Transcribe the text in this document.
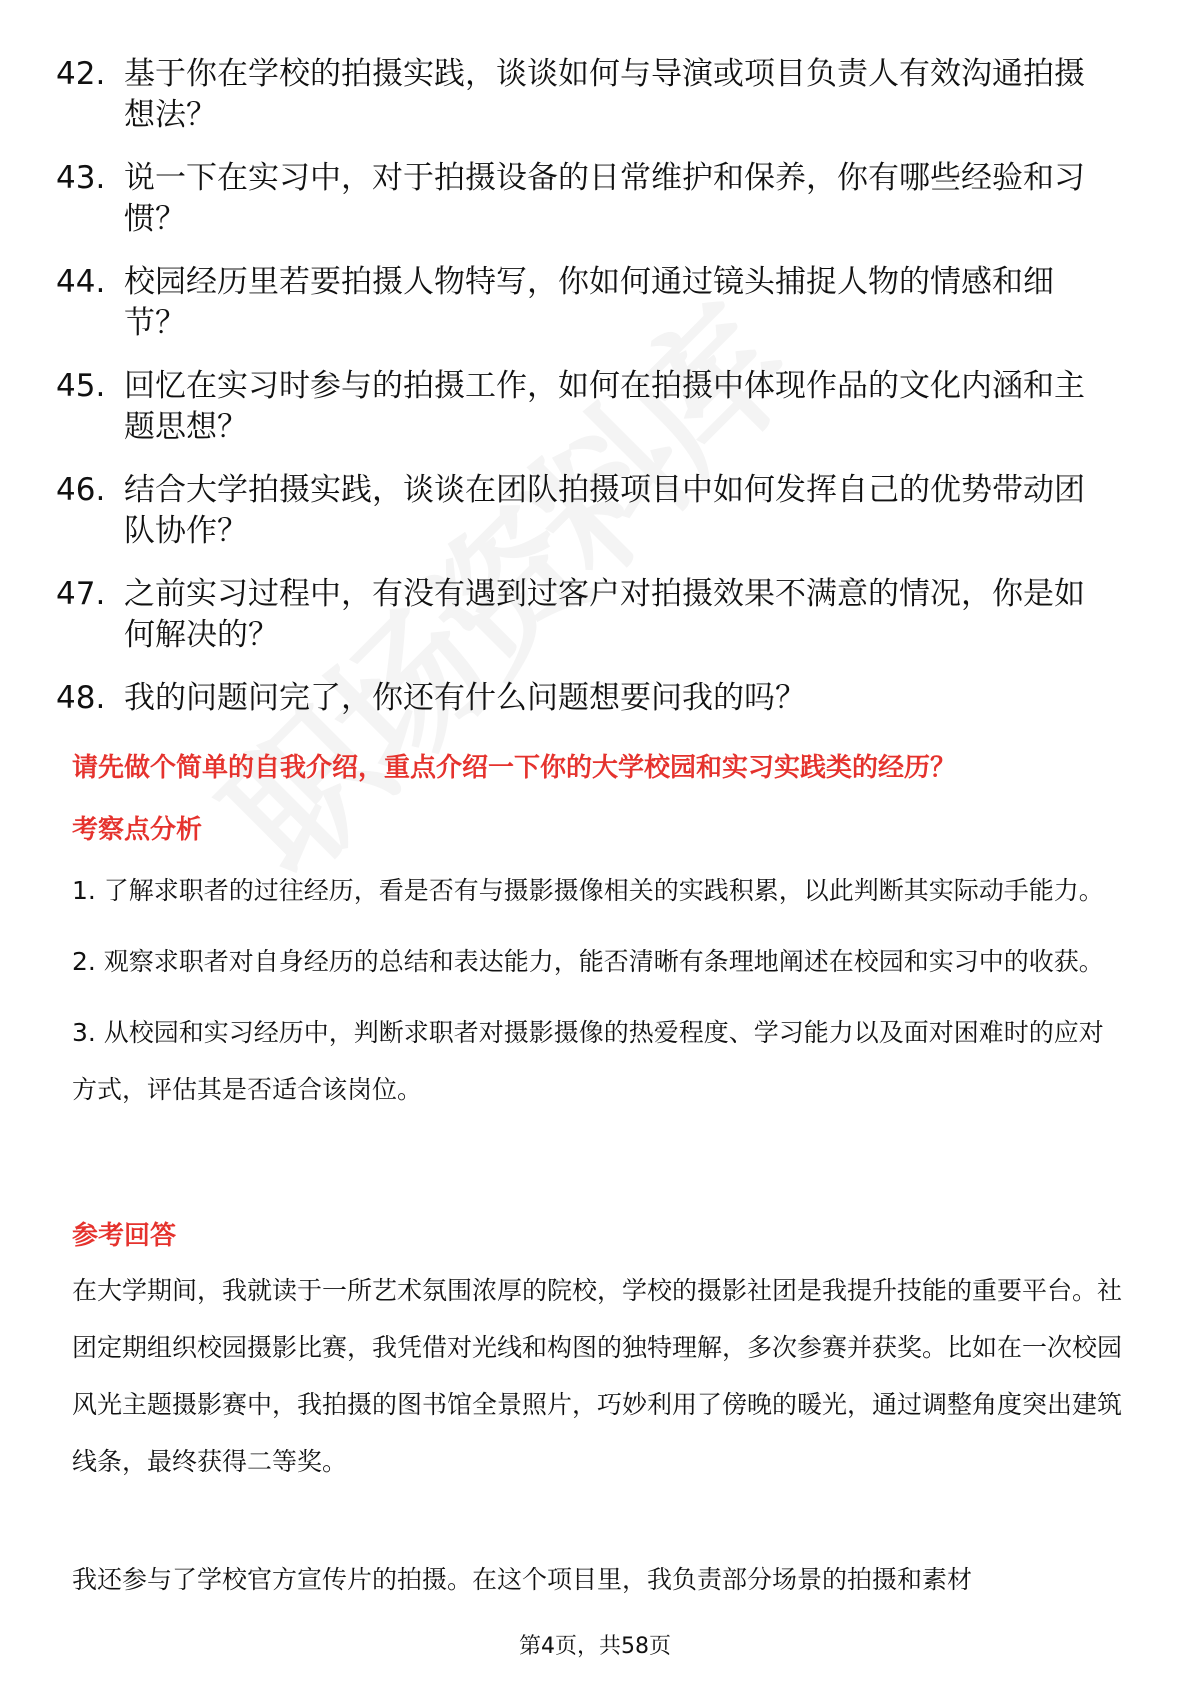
42. 基于你在学校的拍摄实践，谈谈如何与导演或项目负责人有效沟通拍摄想法？
43. 说一下在实习中，对于拍摄设备的日常维护和保养，你有哪些经验和习惯？
44. 校园经历里若要拍摄人物特写，你如何通过镜头捕捉人物的情感和细节？
45. 回忆在实习时参与的拍摄工作，如何在拍摄中体现作品的文化内涵和主题思想？
46. 结合大学拍摄实践，谈谈在团队拍摄项目中如何发挥自己的优势带动团队协作？
47. 之前实习过程中，有没有遇到过客户对拍摄效果不满意的情况，你是如何解决的？
48. 我的问题问完了，你还有什么问题想要问我的吗？
请先做个简单的自我介绍，重点介绍一下你的大学校园和实习实践类的经历？
考察点分析

1. 了解求职者的过往经历，看是否有与摄影摄像相关的实践积累，以此判断其实际动手能力。

2. 观察求职者对自身经历的总结和表达能力，能否清晰有条理地阐述在校园和实习中的收获。

3. 从校园和实习经历中，判断求职者对摄影摄像的热爱程度、学习能力以及面对困难时的应对方式，评估其是否适合该岗位。

参考回答

在大学期间，我就读于一所艺术氛围浓厚的院校，学校的摄影社团是我提升技能的重要平台。社团定期组织校园摄影比赛，我凭借对光线和构图的独特理解，多次参赛并获奖。比如在一次校园风光主题摄影赛中，我拍摄的图书馆全景照片，巧妙利用了傍晚的暖光，通过调整角度突出建筑线条，最终获得二等奖。

我还参与了学校官方宣传片的拍摄。在这个项目里，我负责部分场景的拍摄和素材

第4页，共58页
